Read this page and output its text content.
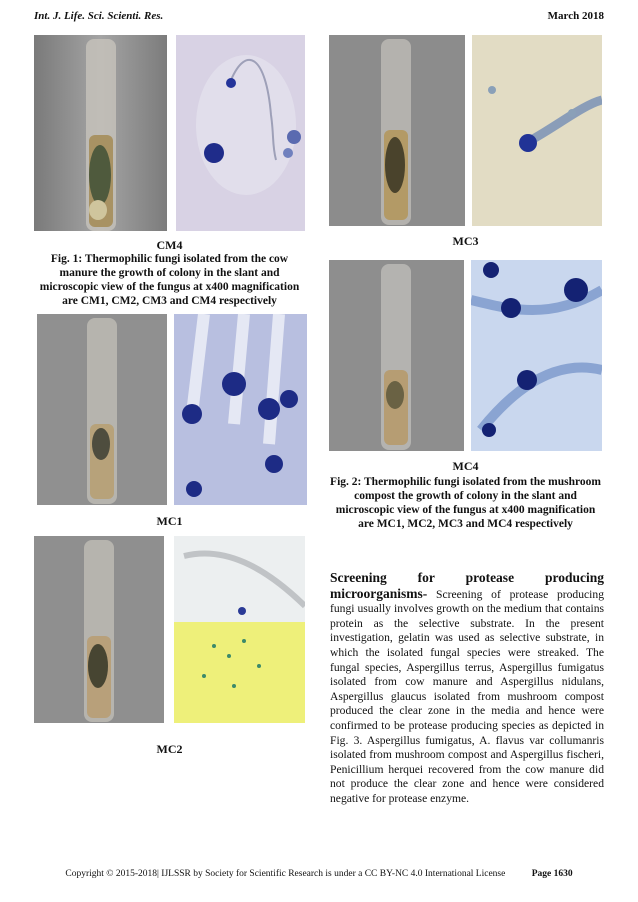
Int. J. Life. Sci. Scienti. Res.	March 2018
CM4
Fig. 1: Thermophilic fungi isolated from the cow manure the growth of colony in the slant and microscopic view of the fungus at x400 magnification are CM1, CM2, CM3 and CM4 respectively
MC3
MC4
Fig. 2: Thermophilic fungi isolated from the mushroom compost the growth of colony in the slant and microscopic view of the fungus at x400 magnification are MC1, MC2, MC3 and MC4 respectively
MC1
MC2
Screening for protease producing microorganisms- Screening of protease producing fungi usually involves growth on the medium that contains protein as the selective substrate. In the present investigation, gelatin was used as selective substrate, in which the isolated fungal species were streaked. The fungal species, Aspergillus terrus, Aspergillus fumigatus isolated from cow manure and Aspergillus nidulans, Aspergillus glaucus isolated from mushroom compost produced the clear zone in the media and hence were confirmed to be protease producing species as depicted in Fig. 3. Aspergillus fumigatus, A. flavus var collumanris isolated from mushroom compost and Aspergillus fischeri, Penicillium herquei recovered from the cow manure did not produce the clear zone and hence were considered negative for protease enzyme.
Copyright © 2015-2018| IJLSSR by Society for Scientific Research is under a CC BY-NC 4.0 International License	Page 1630
